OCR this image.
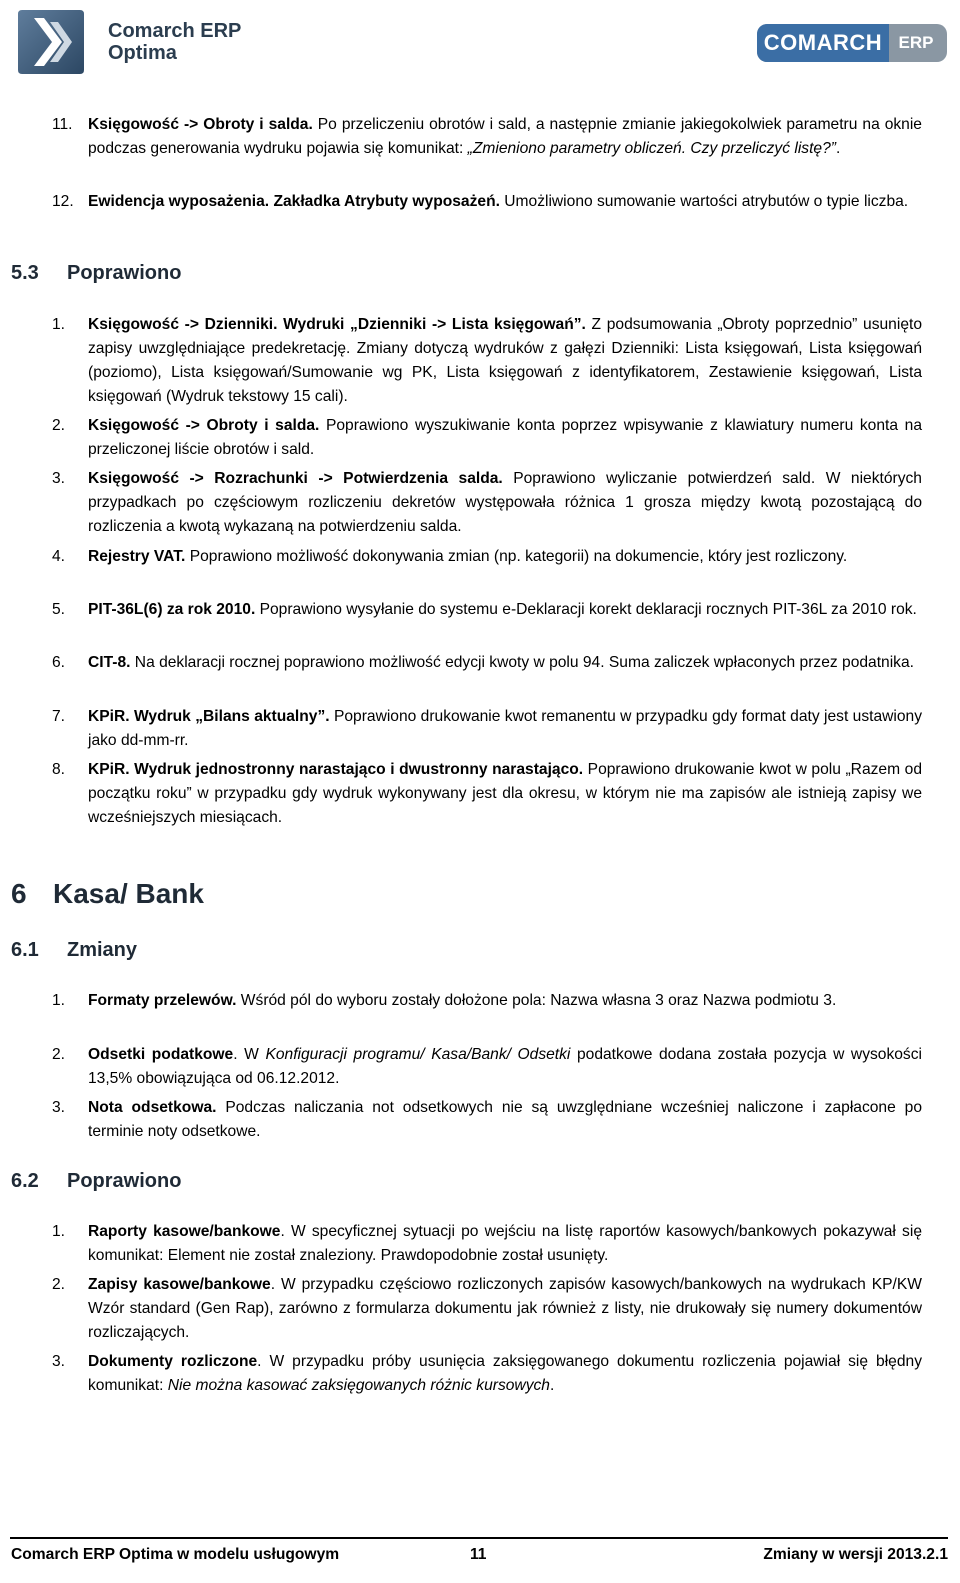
Comarch ERP
Optima	COMARCH ERP
11. Księgowość -> Obroty i salda. Po przeliczeniu obrotów i sald, a następnie zmianie jakiegokolwiek parametru na oknie podczas generowania wydruku pojawia się komunikat: „Zmieniono parametry obliczeń. Czy przeliczyć listę?”.
12. Ewidencja wyposażenia. Zakładka Atrybuty wyposażeń. Umożliwiono sumowanie wartości atrybutów o typie liczba.
5.3 Poprawiono
1. Księgowość -> Dzienniki. Wydruki „Dzienniki -> Lista księgowań”. Z podsumowania „Obroty poprzednio” usunięto zapisy uwzględniające predekretację. Zmiany dotyczą wydruków z gałęzi Dzienniki: Lista księgowań, Lista księgowań (poziomo), Lista księgowań/Sumowanie wg PK, Lista księgowań z identyfikatorem, Zestawienie księgowań, Lista księgowań (Wydruk tekstowy 15 cali).
2. Księgowość -> Obroty i salda. Poprawiono wyszukiwanie konta poprzez wpisywanie z klawiatury numeru konta na przeliczonej liście obrotów i sald.
3. Księgowość -> Rozrachunki -> Potwierdzenia salda. Poprawiono wyliczanie potwierdzeń sald. W niektórych przypadkach po częściowym rozliczeniu dekretów występowała różnica 1 grosza między kwotą pozostającą do rozliczenia a kwotą wykazaną na potwierdzeniu salda.
4. Rejestry VAT. Poprawiono możliwość dokonywania zmian (np. kategorii) na dokumencie, który jest rozliczony.
5. PIT-36L(6) za rok 2010. Poprawiono wysyłanie do systemu e-Deklaracji korekt deklaracji rocznych PIT-36L za 2010 rok.
6. CIT-8. Na deklaracji rocznej poprawiono możliwość edycji kwoty w polu 94. Suma zaliczek wpłaconych przez podatnika.
7. KPiR. Wydruk „Bilans aktualny”. Poprawiono drukowanie kwot remanentu w przypadku gdy format daty jest ustawiony jako dd-mm-rr.
8. KPiR. Wydruk jednostronny narastająco i dwustronny narastająco. Poprawiono drukowanie kwot w polu „Razem od początku roku” w przypadku gdy wydruk wykonywany jest dla okresu, w którym nie ma zapisów ale istnieją zapisy we wcześniejszych miesiącach.
6 Kasa/ Bank
6.1 Zmiany
1. Formaty przelewów. Wśród pól do wyboru zostały dołożone pola: Nazwa własna 3 oraz Nazwa podmiotu 3.
2. Odsetki podatkowe. W Konfiguracji programu/ Kasa/Bank/ Odsetki podatkowe dodana została pozycja w wysokości 13,5% obowiązująca od 06.12.2012.
3. Nota odsetkowa. Podczas naliczania not odsetkowych nie są uwzględniane wcześniej naliczone i zapłacone po terminie noty odsetkowe.
6.2 Poprawiono
1. Raporty kasowe/bankowe. W specyficznej sytuacji po wejściu na listę raportów kasowych/bankowych pokazywał się komunikat: Element nie został znaleziony. Prawdopodobnie został usunięty.
2. Zapisy kasowe/bankowe. W przypadku częściowo rozliczonych zapisów kasowych/bankowych na wydrukach KP/KW Wzór standard (Gen Rap), zarówno z formularza dokumentu jak również z listy, nie drukowały się numery dokumentów rozliczających.
3. Dokumenty rozliczone. W przypadku próby usunięcia zaksięgowanego dokumentu rozliczenia pojawiał się błędny komunikat: Nie można kasować zaksięgowanych różnic kursowych.
Comarch ERP Optima w modelu usługowym	11	Zmiany w wersji 2013.2.1
